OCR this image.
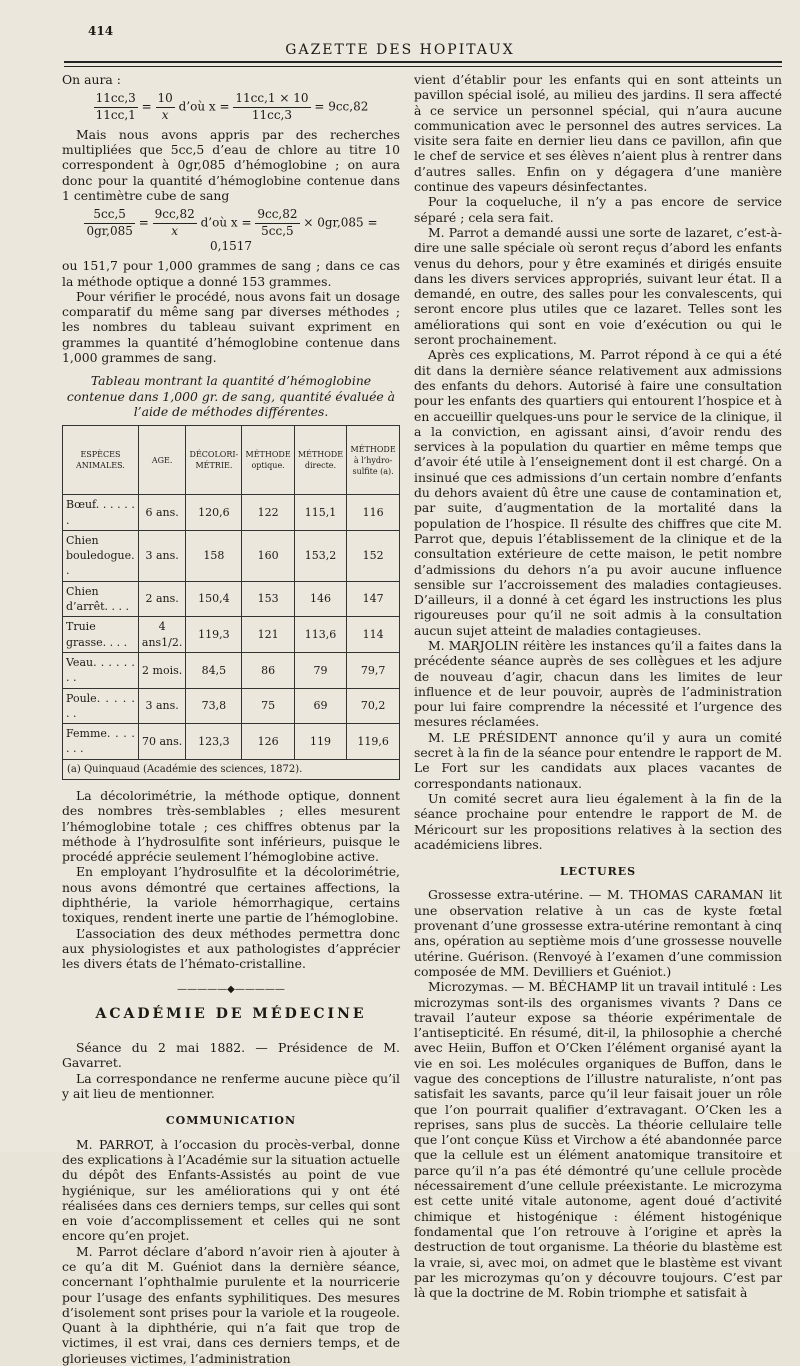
414
GAZETTE DES HOPITAUX

On aura :

$\frac{11cc,3}{11cc,1} = \frac{10}{x}$ d’où $x = \frac{11cc,1 \times 10}{11cc,3} = 9cc,82$

Mais nous avons appris par des recherches multipliées que 5cc,5 d’eau de chlore au titre 10 correspondent à 0gr,085 d’hémoglobine ; on aura donc pour la quantité d’hémoglobine contenue dans 1 centimètre cube de sang

$\frac{5cc,5}{0gr,085} = \frac{9cc,82}{x}$ d’où $x = \frac{9cc,82}{5cc,5} \times 0gr,085 = 0,1517$

ou 151,7 pour 1,000 grammes de sang ; dans ce cas la méthode optique a donné 153 grammes.

Pour vérifier le procédé, nous avons fait un dosage comparatif du même sang par diverses méthodes ; les nombres du tableau suivant expriment en grammes la quantité d’hémoglobine contenue dans 1,000 grammes de sang.

Tableau montrant la quantité d’hémoglobine contenue dans 1,000 gr. de sang, quantité évaluée à l’aide de méthodes différentes.
ESPÈCES ANIMALES.	AGE.	DÉCOLORI-MÉTRIE.	MÉTHODE optique.	MÉTHODE directe.	MÉTHODE à l’hydro-sulfite (a).
Bœuf. . . . . . .	6 ans.	120,6	122	115,1	116
Chien bouledogue. .	3 ans.	158	160	153,2	152
Chien d’arrêt. . . .	2 ans.	150,4	153	146	147
Truie grasse. . . .	4 ans1/2.	119,3	121	113,6	114
Veau. . . . . . . .	2 mois.	84,5	86	79	79,7
Poule. . . . . . .	3 ans.	73,8	75	69	70,2
Femme. . . . . . .	70 ans.	123,3	126	119	119,6
(a) Quinquaud (Académie des sciences, 1872).					

La décolorimétrie, la méthode optique, donnent des nombres très-semblables ; elles mesurent l’hémoglobine totale ; ces chiffres obtenus par la méthode à l’hydrosulfite sont inférieurs, puisque le procédé apprécie seulement l’hémoglobine active.

En employant l’hydrosulfite et la décolorimétrie, nous avons démontré que certaines affections, la diphthérie, la variole hémorrhagique, certains toxiques, rendent inerte une partie de l’hémoglobine.

L’association des deux méthodes permettra donc aux physiologistes et aux pathologistes d’apprécier les divers états de l’hémato-cristalline.

—————◆—————
ACADÉMIE DE MÉDECINE

Séance du 2 mai 1882. — Présidence de M. Gavarret.

La correspondance ne renferme aucune pièce qu’il y ait lieu de mentionner.

COMMUNICATION

M. PARROT, à l’occasion du procès-verbal, donne des explications à l’Académie sur la situation actuelle du dépôt des Enfants-Assistés au point de vue hygiénique, sur les améliorations qui y ont été réalisées dans ces derniers temps, sur celles qui sont en voie d’accomplissement et celles qui ne sont encore qu’en projet.

M. Parrot déclare d’abord n’avoir rien à ajouter à ce qu’a dit M. Guéniot dans la dernière séance, concernant l’ophthalmie purulente et la nourricerie pour l’usage des enfants syphilitiques. Des mesures d’isolement sont prises pour la variole et la rougeole. Quant à la diphthérie, qui n’a fait que trop de victimes, il est vrai, dans ces derniers temps, et de glorieuses victimes, l’administration

vient d’établir pour les enfants qui en sont atteints un pavillon spécial isolé, au milieu des jardins. Il sera affecté à ce service un personnel spécial, qui n’aura aucune communication avec le personnel des autres services. La visite sera faite en dernier lieu dans ce pavillon, afin que le chef de service et ses élèves n’aient plus à rentrer dans d’autres salles. Enfin on y dégagera d’une manière continue des vapeurs désinfectantes.

Pour la coqueluche, il n’y a pas encore de service séparé ; cela sera fait.

M. Parrot a demandé aussi une sorte de lazaret, c’est-à-dire une salle spéciale où seront reçus d’abord les enfants venus du dehors, pour y être examinés et dirigés ensuite dans les divers services appropriés, suivant leur état. Il a demandé, en outre, des salles pour les convalescents, qui seront encore plus utiles que ce lazaret. Telles sont les améliorations qui sont en voie d’exécution ou qui le seront prochainement.

Après ces explications, M. Parrot répond à ce qui a été dit dans la dernière séance relativement aux admissions des enfants du dehors. Autorisé à faire une consultation pour les enfants des quartiers qui entourent l’hospice et à en accueillir quelques-uns pour le service de la clinique, il a la conviction, en agissant ainsi, d’avoir rendu des services à la population du quartier en même temps que d’avoir été utile à l’enseignement dont il est chargé. On a insinué que ces admissions d’un certain nombre d’enfants du dehors avaient dû être une cause de contamination et, par suite, d’augmentation de la mortalité dans la population de l’hospice. Il résulte des chiffres que cite M. Parrot que, depuis l’établissement de la clinique et de la consultation extérieure de cette maison, le petit nombre d’admissions du dehors n’a pu avoir aucune influence sensible sur l’accroissement des maladies contagieuses. D’ailleurs, il a donné à cet égard les instructions les plus rigoureuses pour qu’il ne soit admis à la consultation aucun sujet atteint de maladies contagieuses.

M. MARJOLIN réitère les instances qu’il a faites dans la précédente séance auprès de ses collègues et les adjure de nouveau d’agir, chacun dans les limites de leur influence et de leur pouvoir, auprès de l’administration pour lui faire comprendre la nécessité et l’urgence des mesures réclamées.

M. LE PRÉSIDENT annonce qu’il y aura un comité secret à la fin de la séance pour entendre le rapport de M. Le Fort sur les candidats aux places vacantes de correspondants nationaux.

Un comité secret aura lieu également à la fin de la séance prochaine pour entendre le rapport de M. de Méricourt sur les propositions relatives à la section des académiciens libres.

LECTURES

Grossesse extra-utérine. — M. THOMAS CARAMAN lit une observation relative à un cas de kyste fœtal provenant d’une grossesse extra-utérine remontant à cinq ans, opération au septième mois d’une grossesse nouvelle utérine. Guérison. (Renvoyé à l’examen d’une commission composée de MM. Devilliers et Guéniot.)

Microzymas. — M. BÉCHAMP lit un travail intitulé : Les microzymas sont-ils des organismes vivants ? Dans ce travail l’auteur expose sa théorie expérimentale de l’antisepticité. En résumé, dit-il, la philosophie a cherché avec Heiin, Buffon et O’Cken l’élément organisé ayant la vie en soi. Les molécules organiques de Buffon, dans le vague des conceptions de l’illustre naturaliste, n’ont pas satisfait les savants, parce qu’il leur faisait jouer un rôle que l’on pourrait qualifier d’extravagant. O’Cken les a reprises, sans plus de succès. La théorie cellulaire telle que l’ont conçue Küss et Virchow a été abandonnée parce que la cellule est un élément anatomique transitoire et parce qu’il n’a pas été démontré qu’une cellule procède nécessairement d’une cellule préexistante. Le microzyma est cette unité vitale autonome, agent doué d’activité chimique et histogénique : élément histogénique fondamental que l’on retrouve à l’origine et après la destruction de tout organisme. La théorie du blastème est la vraie, si, avec moi, on admet que le blastème est vivant par les microzymas qu’on y découvre toujours. C’est par là que la doctrine de M. Robin triomphe et satisfait à
